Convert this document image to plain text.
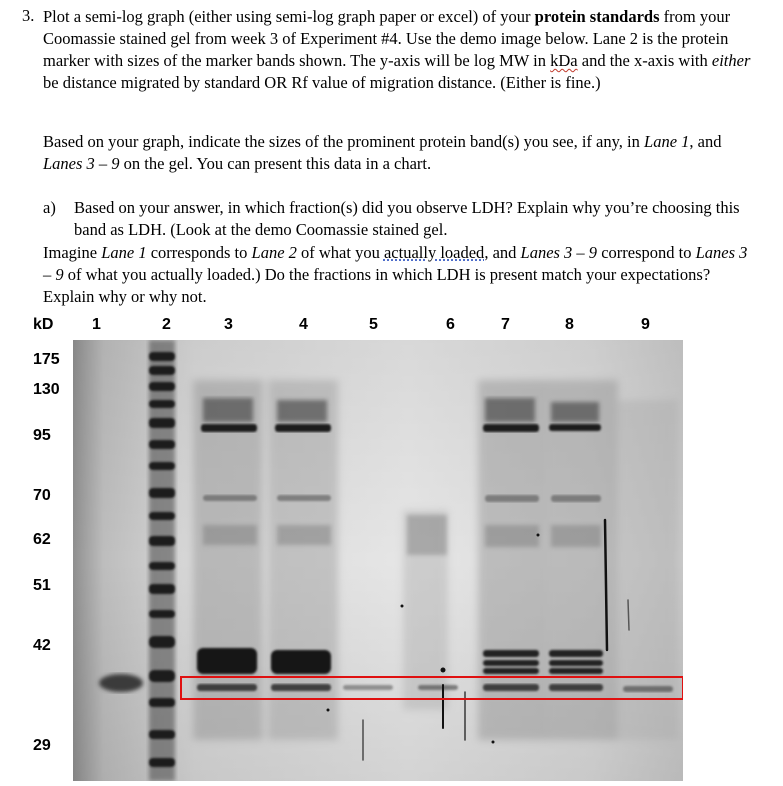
3. Plot a semi-log graph (either using semi-log graph paper or excel) of your protein standards from your Coomassie stained gel from week 3 of Experiment #4. Use the demo image below. Lane 2 is the protein marker with sizes of the marker bands shown. The y-axis will be log MW in kDa and the x-axis with either be distance migrated by standard OR Rf value of migration distance. (Either is fine.)

Based on your graph, indicate the sizes of the prominent protein band(s) you see, if any, in Lane 1, and Lanes 3 – 9 on the gel. You can present this data in a chart.

a) Based on your answer, in which fraction(s) did you observe LDH? Explain why you’re choosing this band as LDH. (Look at the demo Coomassie stained gel.

Imagine Lane 1 corresponds to Lane 2 of what you actually loaded, and Lanes 3 – 9 correspond to Lanes 3 – 9 of what you actually loaded.) Do the fractions in which LDH is present match your expectations? Explain why or why not.

kD 1	2	3	4	5	6	7	8	9
175
130
95
70
62
51
42
29
